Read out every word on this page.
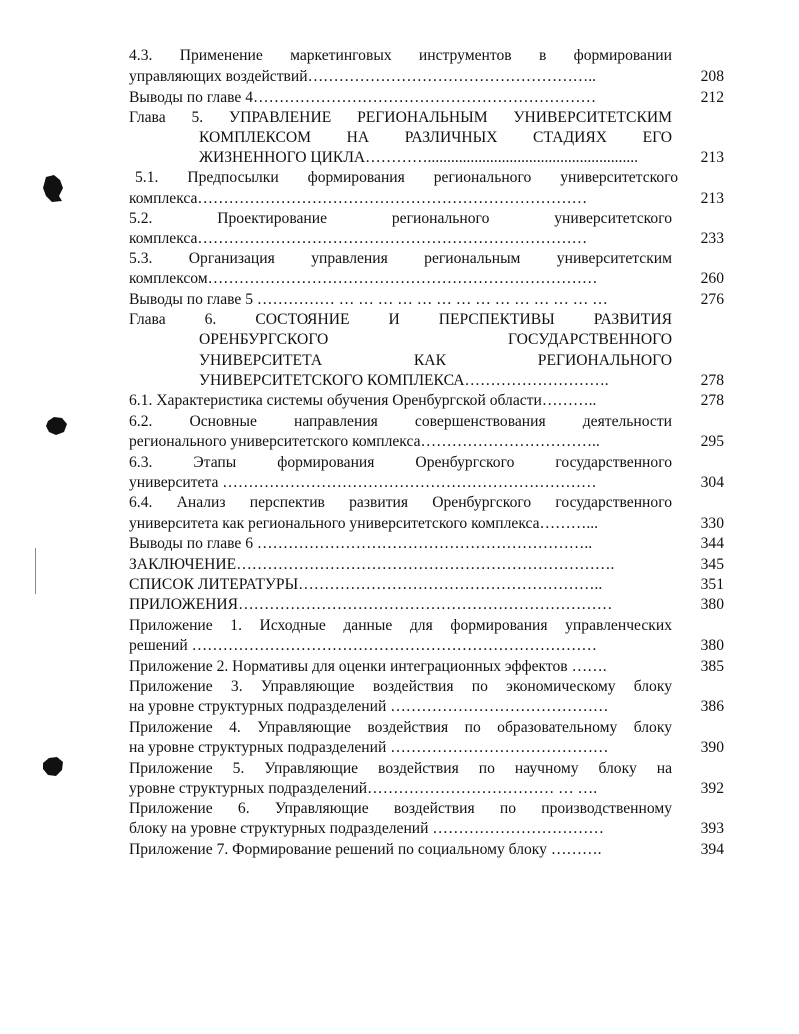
4.3. Применение маркетинговых инструментов в формировании
управляющих воздействий………………………………………………..	208
Выводы по главе 4…………………………………………………………	212
Глава 5. УПРАВЛЕНИЕ РЕГИОНАЛЬНЫМ УНИВЕРСИТЕТСКИМ
КОМПЛЕКСОМ НА РАЗЛИЧНЫХ СТАДИЯХ ЕГО
ЖИЗНЕННОГО ЦИКЛА…………......................................................	213
5.1. Предпосылки формирования регионального университетского
комплекса…………………………………………………………………	213
5.2. Проектирование регионального университетского
комплекса…………………………………………………………………	233
5.3. Организация управления региональным университетским
комплексом…………………………………………………………………	260
Выводы по главе 5 …………… … … … … … … … … … … … … … …	276
Глава 6. СОСТОЯНИЕ И ПЕРСПЕКТИВЫ РАЗВИТИЯ
ОРЕНБУРГСКОГО ГОСУДАРСТВЕННОГО
УНИВЕРСИТЕТА КАК РЕГИОНАЛЬНОГО
УНИВЕРСИТЕТСКОГО КОМПЛЕКСА……………………….	278
6.1. Характеристика системы обучения Оренбургской области………..	278
6.2. Основные направления совершенствования деятельности
регионального университетского комплекса……………………………..	295
6.3. Этапы формирования Оренбургского государственного
университета ………………………………………………………………	304
6.4. Анализ перспектив развития Оренбургского государственного
университета как регионального университетского комплекса………...	330
Выводы по главе 6 ………………………………………………………..	344
ЗАКЛЮЧЕНИЕ……………………………………………………………….	345
СПИСОК ЛИТЕРАТУРЫ…………………………………………………..	351
ПРИЛОЖЕНИЯ………………………………………………………………	380
Приложение 1. Исходные данные для формирования управленческих
решений ……………………………………………………………………	380
Приложение 2. Нормативы для оценки интеграционных эффектов …….	385
Приложение 3. Управляющие воздействия по экономическому блоку
на уровне структурных подразделений ……………………………………	386
Приложение 4. Управляющие воздействия по образовательному блоку
на уровне структурных подразделений ……………………………………	390
Приложение 5. Управляющие воздействия по научному блоку на
уровне структурных подразделений……………………………… … ….	392
Приложение 6. Управляющие воздействия по производственному
блоку на уровне структурных подразделений ……………………………	393
Приложение 7. Формирование решений по социальному блоку ……….	394
